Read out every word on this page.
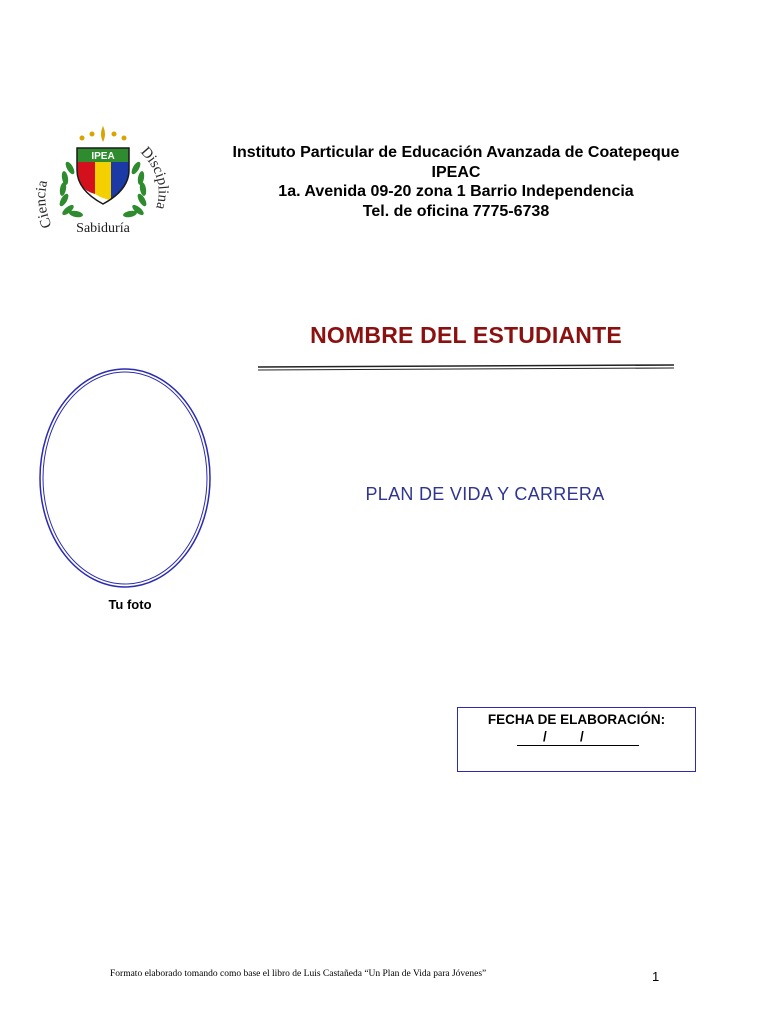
IPEA
Ciencia
Disciplina
Sabiduría
Instituto Particular de Educación Avanzada de Coatepeque
IPEAC
1a. Avenida 09-20 zona 1 Barrio Independencia
Tel. de oficina 7775-6738
NOMBRE DEL ESTUDIANTE
Tu foto
PLAN DE VIDA Y CARRERA
FECHA DE ELABORACIÓN:
/ /
Formato elaborado tomando como base el libro de Luis Castañeda “Un Plan de Vida para Jóvenes”	1
